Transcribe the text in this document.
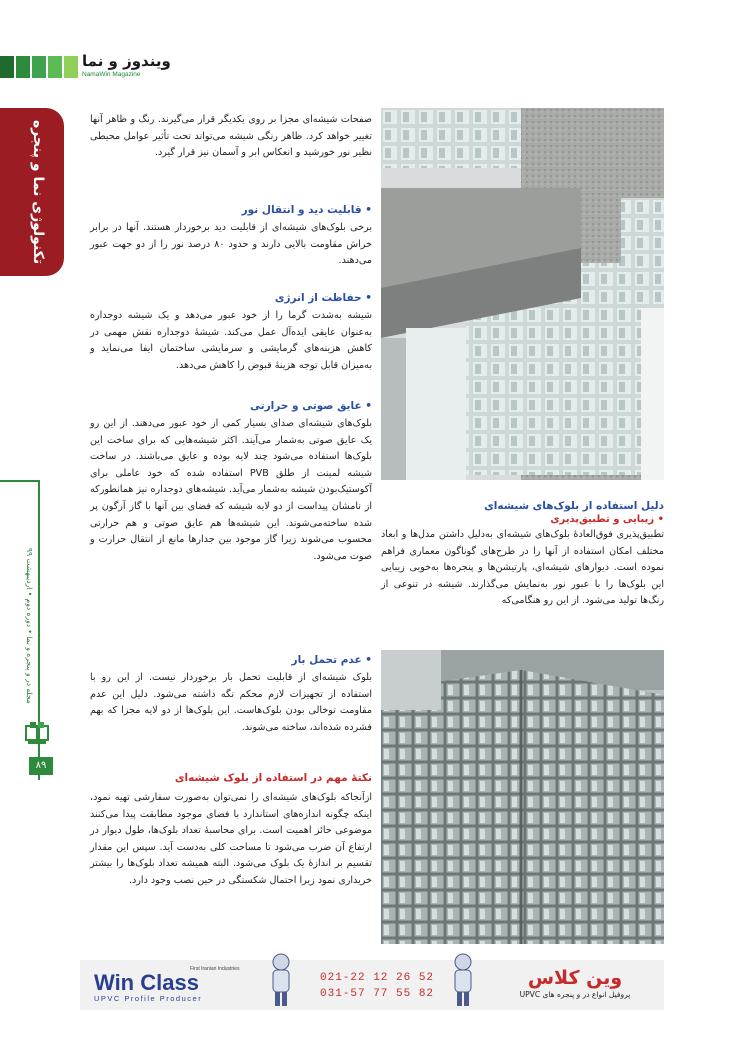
ویندوز و نما
NamaWin Magazine
تکنولوژی نما و پنجره
مجله در و پنجره و نما • دوره‌ دوم • اردیبهشت ۹۹
۸۹

صفحات شیشه‌ای مجزا بر روی یکدیگر قرار می‌گیرند. رنگ و ظاهر آنها تغییر خواهد کرد. ظاهر رنگی شیشه می‌تواند تحت تأثیر عوامل محیطی نظیر نور خورشید و انعکاس ابر و آسمان نیز قرار گیرد.

• قابلیت دید و انتقال نور
برخی بلوک‌های شیشه‌ای از قابلیت دید برخوردار هستند. آنها در برابر خراش مقاومت بالایی دارند و حدود ۸۰ درصد نور را از دو جهت عبور می‌دهند.
• حفاظت از انرژی
شیشه به‌شدت گرما را از خود عبور می‌دهد و یک شیشه دوجداره به‌عنوان عایقی ایده‌آل عمل می‌کند. شیشهٔ دوجداره نقش مهمی در کاهش هزینه‌های گرمایشی و سرمایشی ساختمان ایفا می‌نماید و به‌میزان قابل توجه هزینهٔ قبوض را کاهش می‌دهد.
• عایق صوتی و حرارتی
بلوک‌های شیشه‌ای صدای بسیار کمی از خود عبور می‌دهند. از این رو یک عایق صوتی به‌شمار می‌آیند. اکثر شیشه‌هایی که برای ساخت این بلوک‌ها استفاده می‌شود چند لایه بوده و عایق می‌باشند. در ساخت شیشه لمینت از طلق PVB استفاده شده که خود عاملی برای آکوستیک‌بودن شیشه به‌شمار می‌آید. شیشه‌های دوجداره نیز همانطورکه از نامشان پیداست از دو لایه شیشه که فضای بین آنها با گاز آرگون پر شده ساخته‌می‌شوند. این شیشه‌ها هم عایق صوتی و هم حرارتی محسوب می‌شوند زیرا گاز موجود بین جدارها مانع از انتقال حرارت و صوت می‌شود.
• عدم تحمل بار
بلوک شیشه‌ای از قابلیت تحمل بار برخوردار نیست. از این رو با استفاده از تجهیزات لازم محکم نگه داشته می‌شود. دلیل این عدم مقاومت توخالی بودن بلوک‌هاست. این بلوک‌ها از دو لایه مجزا که بهم فشرده شده‌اند، ساخته می‌شوند.
نکتهٔ مهم در استفاده از بلوک شیشه‌ای
ازآنجاکه بلوک‌های شیشه‌ای را نمی‌توان به‌صورت سفارشی تهیه نمود، اینکه چگونه اندازه‌های استاندارد با فضای موجود مطابقت پیدا می‌کنند موضوعی حائز اهمیت است. برای محاسبهٔ تعداد بلوک‌ها، طول دیوار در ارتفاع آن ضرب می‌شود تا مساحت کلی به‌دست آید. سپس این مقدار تقسیم بر اندازهٔ یک بلوک می‌شود. البته همیشه تعداد بلوک‌ها را بیشتر خریداری نمود زیرا احتمال شکستگی در حین نصب وجود دارد.
دلیل استفاده از بلوک‌های شیشه‌ای
• زیبایی و تطبیق‌پذیری
تطبیق‌پذیری فوق‌العادهٔ بلوک‌های شیشه‌ای به‌دلیل داشتن مدل‌ها و ابعاد مختلف امکان استفاده از آنها را در طرح‌های گوناگون معماری فراهم نموده است. دیوارهای شیشه‌ای، پارتیشن‌ها و پنجره‌ها به‌خوبی زیبایی این بلوک‌ها را با عبور نور به‌نمایش می‌گذارند. شیشه در تنوعی از رنگ‌ها تولید می‌شود. از این رو هنگامی‌که
First Iranian Industries
Win Class
UPVC Profile Producer
021-22 12 26 52
031-57 77 55 82
وین کلاس
پروفیل انواع در و پنجره های UPVC
